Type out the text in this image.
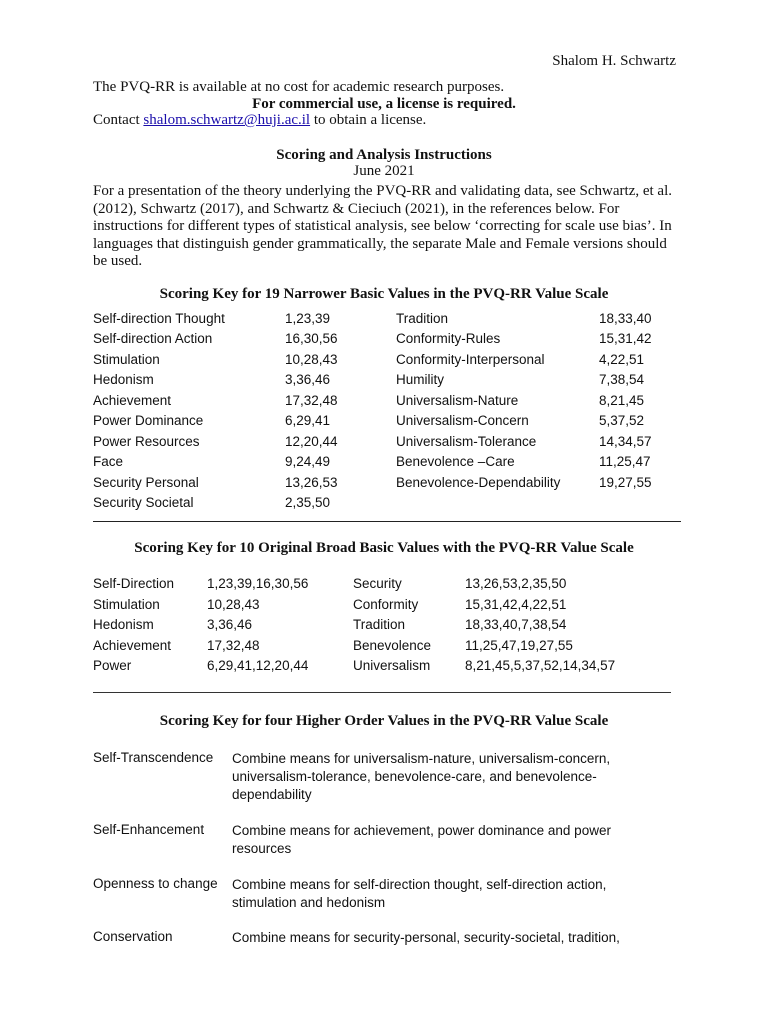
Shalom H. Schwartz
The PVQ-RR is available at no cost for academic research purposes.
For commercial use, a license is required.
Contact shalom.schwartz@huji.ac.il to obtain a license.
Scoring and Analysis Instructions
June 2021
For a presentation of the theory underlying the PVQ-RR and validating data, see Schwartz, et al. (2012), Schwartz (2017), and Schwartz & Cieciuch (2021), in the references below. For instructions for different types of statistical analysis, see below ‘correcting for scale use bias’. In languages that distinguish gender grammatically, the separate Male and Female versions should be used.
Scoring Key for 19 Narrower Basic Values in the PVQ-RR Value Scale
Self-direction Thought	1,23,39
Self-direction Action	16,30,56
Stimulation	10,28,43
Hedonism	3,36,46
Achievement	17,32,48
Power Dominance	6,29,41
Power Resources	12,20,44
Face	9,24,49
Security Personal	13,26,53
Security Societal	2,35,50
Tradition	18,33,40
Conformity-Rules	15,31,42
Conformity-Interpersonal	4,22,51
Humility	7,38,54
Universalism-Nature	8,21,45
Universalism-Concern	5,37,52
Universalism-Tolerance	14,34,57
Benevolence –Care	11,25,47
Benevolence-Dependability	19,27,55
Scoring Key for 10 Original Broad Basic Values with the PVQ-RR Value Scale
Self-Direction 1,23,39,16,30,56
Stimulation	10,28,43
Hedonism	3,36,46
Achievement	17,32,48
Power	6,29,41,12,20,44
Security	13,26,53,2,35,50
Conformity	15,31,42,4,22,51
Tradition	18,33,40,7,38,54
Benevolence	11,25,47,19,27,55
Universalism	8,21,45,5,37,52,14,34,57
Scoring Key for four Higher Order Values in the PVQ-RR Value Scale
Self-Transcendence Combine means for universalism-nature, universalism-concern, universalism-tolerance, benevolence-care, and benevolence-dependability
Self-Enhancement Combine means for achievement, power dominance and power resources
Openness to change Combine means for self-direction thought, self-direction action, stimulation and hedonism
Conservation	Combine means for security-personal, security-societal, tradition,
